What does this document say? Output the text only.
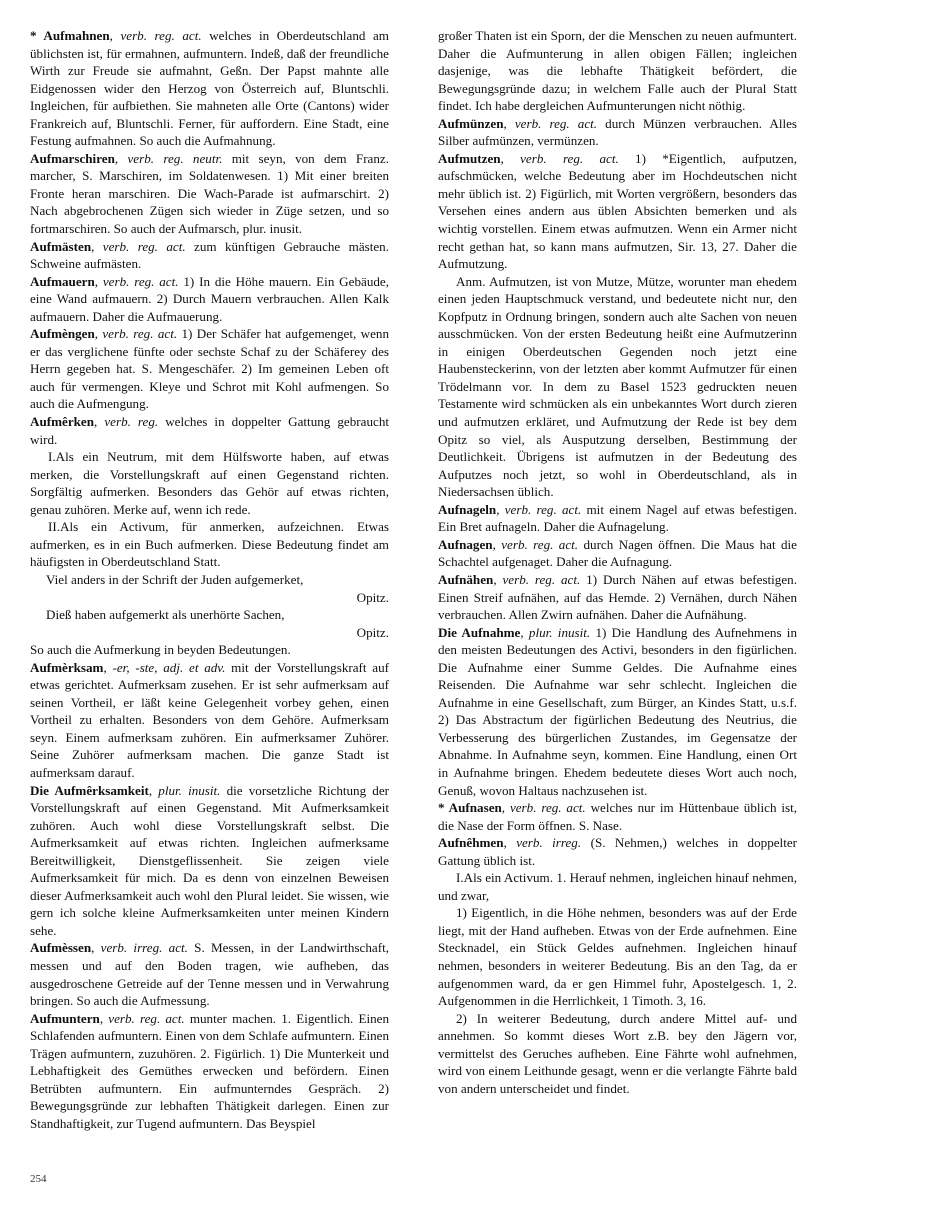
* Aufmahnen, verb. reg. act. welches in Oberdeutschland am üblichsten ist, für ermahnen, aufmuntern. Indeß, daß der freundliche Wirth zur Freude sie aufmahnt, Geßn. Der Papst mahnte alle Eidgenossen wider den Herzog von Österreich auf, Bluntschli. Ingleichen, für aufbiethen. Sie mahneten alle Orte (Cantons) wider Frankreich auf, Bluntschli. Ferner, für auffordern. Eine Stadt, eine Festung aufmahnen. So auch die Aufmahnung.

Aufmarschiren, verb. reg. neutr. mit seyn, von dem Franz. marcher, S. Marschiren, im Soldatenwesen. 1) Mit einer breiten Fronte heran marschiren. Die Wach-Parade ist aufmarschirt. 2) Nach abgebrochenen Zügen sich wieder in Züge setzen, und so fortmarschiren. So auch der Aufmarsch, plur. inusit.

Aufmästen, verb. reg. act. zum künftigen Gebrauche mästen. Schweine aufmästen.

Aufmauern, verb. reg. act. 1) In die Höhe mauern. Ein Gebäude, eine Wand aufmauern. 2) Durch Mauern verbrauchen. Allen Kalk aufmauern. Daher die Aufmauerung.

Aufmèngen, verb. reg. act. 1) Der Schäfer hat aufgemenget, wenn er das verglichene fünfte oder sechste Schaf zu der Schäferey des Herrn gegeben hat. S. Mengeschäfer. 2) Im gemeinen Leben oft auch für vermengen. Kleye und Schrot mit Kohl aufmengen. So auch die Aufmengung.

Aufmêrken, verb. reg. welches in doppelter Gattung gebraucht wird.

I.Als ein Neutrum, mit dem Hülfsworte haben, auf etwas merken, die Vorstellungskraft auf einen Gegenstand richten. Sorgfältig aufmerken. Besonders das Gehör auf etwas richten, genau zuhören. Merke auf, wenn ich rede.

II.Als ein Activum, für anmerken, aufzeichnen. Etwas aufmerken, es in ein Buch aufmerken. Diese Bedeutung findet am häufigsten in Oberdeutschland Statt.

Viel anders in der Schrift der Juden aufgemerket,

Opitz.

Dieß haben aufgemerkt als unerhörte Sachen,

Opitz.

So auch die Aufmerkung in beyden Bedeutungen.

Aufmèrksam, -er, -ste, adj. et adv. mit der Vorstellungskraft auf etwas gerichtet. Aufmerksam zusehen. Er ist sehr aufmerksam auf seinen Vortheil, er läßt keine Gelegenheit vorbey gehen, einen Vortheil zu erhalten. Besonders von dem Gehöre. Aufmerksam seyn. Einem aufmerksam zuhören. Ein aufmerksamer Zuhörer. Seine Zuhörer aufmerksam machen. Die ganze Stadt ist aufmerksam darauf.

Die Aufmêrksamkeit, plur. inusit. die vorsetzliche Richtung der Vorstellungskraft auf einen Gegenstand. Mit Aufmerksamkeit zuhören. Auch wohl diese Vorstellungskraft selbst. Die Aufmerksamkeit auf etwas richten. Ingleichen aufmerksame Bereitwilligkeit, Dienstgeflissenheit. Sie zeigen viele Aufmerksamkeit für mich. Da es denn von einzelnen Beweisen dieser Aufmerksamkeit auch wohl den Plural leidet. Sie wissen, wie gern ich solche kleine Aufmerksamkeiten unter meinen Kindern sehe.

Aufmèssen, verb. irreg. act. S. Messen, in der Landwirthschaft, messen und auf den Boden tragen, wie aufheben, das ausgedroschene Getreide auf der Tenne messen und in Verwahrung bringen. So auch die Aufmessung.

Aufmuntern, verb. reg. act. munter machen. 1. Eigentlich. Einen Schlafenden aufmuntern. Einen von dem Schlafe aufmuntern. Einen Trägen aufmuntern, zuzuhören. 2. Figürlich. 1) Die Munterkeit und Lebhaftigkeit des Gemüthes erwecken und befördern. Einen Betrübten aufmuntern. Ein aufmunterndes Gespräch. 2) Bewegungsgründe zur lebhaften Thätigkeit darlegen. Einen zur Standhaftigkeit, zur Tugend aufmuntern. Das Beyspiel

großer Thaten ist ein Sporn, der die Menschen zu neuen aufmuntert. Daher die Aufmunterung in allen obigen Fällen; ingleichen dasjenige, was die lebhafte Thätigkeit befördert, die Bewegungsgründe dazu; in welchem Falle auch der Plural Statt findet. Ich habe dergleichen Aufmunterungen nicht nöthig.

Aufmünzen, verb. reg. act. durch Münzen verbrauchen. Alles Silber aufmünzen, vermünzen.

Aufmutzen, verb. reg. act. 1) *Eigentlich, aufputzen, aufschmücken, welche Bedeutung aber im Hochdeutschen nicht mehr üblich ist. 2) Figürlich, mit Worten vergrößern, besonders das Versehen eines andern aus üblen Absichten bemerken und als wichtig vorstellen. Einem etwas aufmutzen. Wenn ein Armer nicht recht gethan hat, so kann mans aufmutzen, Sir. 13, 27. Daher die Aufmutzung.

Anm. Aufmutzen, ist von Mutze, Mütze, worunter man ehedem einen jeden Hauptschmuck verstand, und bedeutete nicht nur, den Kopfputz in Ordnung bringen, sondern auch alte Sachen von neuen ausschmücken. Von der ersten Bedeutung heißt eine Aufmutzerinn in einigen Oberdeutschen Gegenden noch jetzt eine Haubensteckerinn, von der letzten aber kommt Aufmutzer für einen Trödelmann vor. In dem zu Basel 1523 gedruckten neuen Testamente wird schmücken als ein unbekanntes Wort durch zieren und aufmutzen erkläret, und Aufmutzung der Rede ist bey dem Opitz so viel, als Ausputzung derselben, Bestimmung der Deutlichkeit. Übrigens ist aufmutzen in der Bedeutung des Aufputzes noch jetzt, so wohl in Oberdeutschland, als in Niedersachsen üblich.

Aufnageln, verb. reg. act. mit einem Nagel auf etwas befestigen. Ein Bret aufnageln. Daher die Aufnagelung.

Aufnagen, verb. reg. act. durch Nagen öffnen. Die Maus hat die Schachtel aufgenaget. Daher die Aufnagung.

Aufnähen, verb. reg. act. 1) Durch Nähen auf etwas befestigen. Einen Streif aufnähen, auf das Hemde. 2) Vernähen, durch Nähen verbrauchen. Allen Zwirn aufnähen. Daher die Aufnähung.

Die Aufnahme, plur. inusit. 1) Die Handlung des Aufnehmens in den meisten Bedeutungen des Activi, besonders in den figürlichen. Die Aufnahme einer Summe Geldes. Die Aufnahme eines Reisenden. Die Aufnahme war sehr schlecht. Ingleichen die Aufnahme in eine Gesellschaft, zum Bürger, an Kindes Statt, u.s.f. 2) Das Abstractum der figürlichen Bedeutung des Neutrius, die Verbesserung des bürgerlichen Zustandes, im Gegensatze der Abnahme. In Aufnahme seyn, kommen. Eine Handlung, einen Ort in Aufnahme bringen. Ehedem bedeutete dieses Wort auch noch, Genuß, wovon Haltaus nachzusehen ist.

* Aufnasen, verb. reg. act. welches nur im Hüttenbaue üblich ist, die Nase der Form öffnen. S. Nase.

Aufnêhmen, verb. irreg. (S. Nehmen,) welches in doppelter Gattung üblich ist.

I.Als ein Activum. 1. Herauf nehmen, ingleichen hinauf nehmen, und zwar,

1) Eigentlich, in die Höhe nehmen, besonders was auf der Erde liegt, mit der Hand aufheben. Etwas von der Erde aufnehmen. Eine Stecknadel, ein Stück Geldes aufnehmen. Ingleichen hinauf nehmen, besonders in weiterer Bedeutung. Bis an den Tag, da er aufgenommen ward, da er gen Himmel fuhr, Apostelgesch. 1, 2. Aufgenommen in die Herrlichkeit, 1 Timoth. 3, 16.

2) In weiterer Bedeutung, durch andere Mittel auf- und annehmen. So kommt dieses Wort z.B. bey den Jägern vor, vermittelst des Geruches aufheben. Eine Fährte wohl aufnehmen, wird von einem Leithunde gesagt, wenn er die verlangte Fährte bald von andern unterscheidet und findet.

254
